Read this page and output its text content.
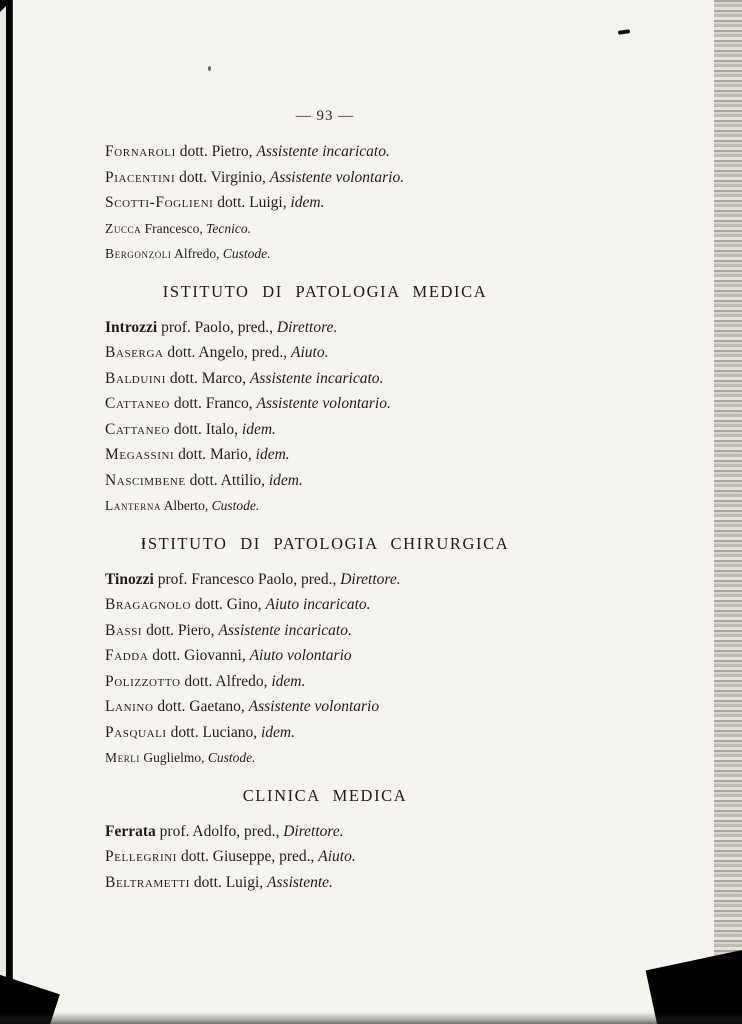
— 93 —

Fornaroli dott. Pietro, Assistente incaricato.

Piacentini dott. Virginio, Assistente volontario.

Scotti-Foglieni dott. Luigi, idem.

Zucca Francesco, Tecnico.

Bergonzoli Alfredo, Custode.

ISTITUTO DI PATOLOGIA MEDICA

Introzzi prof. Paolo, pred., Direttore.

Baserga dott. Angelo, pred., Aiuto.

Balduini dott. Marco, Assistente incaricato.

Cattaneo dott. Franco, Assistente volontario.

Cattaneo dott. Italo, idem.

Megassini dott. Mario, idem.

Nascimbene dott. Attilio, idem.

Lanterna Alberto, Custode.

ISTITUTO DI PATOLOGIA CHIRURGICA

Tinozzi prof. Francesco Paolo, pred., Direttore.

Bragagnolo dott. Gino, Aiuto incaricato.

Bassi dott. Piero, Assistente incaricato.

Fadda dott. Giovanni, Aiuto volontario

Polizzotto dott. Alfredo, idem.

Lanino dott. Gaetano, Assistente volontario

Pasquali dott. Luciano, idem.

Merli Guglielmo, Custode.

CLINICA MEDICA

Ferrata prof. Adolfo, pred., Direttore.

Pellegrini dott. Giuseppe, pred., Aiuto.

Beltrametti dott. Luigi, Assistente.
